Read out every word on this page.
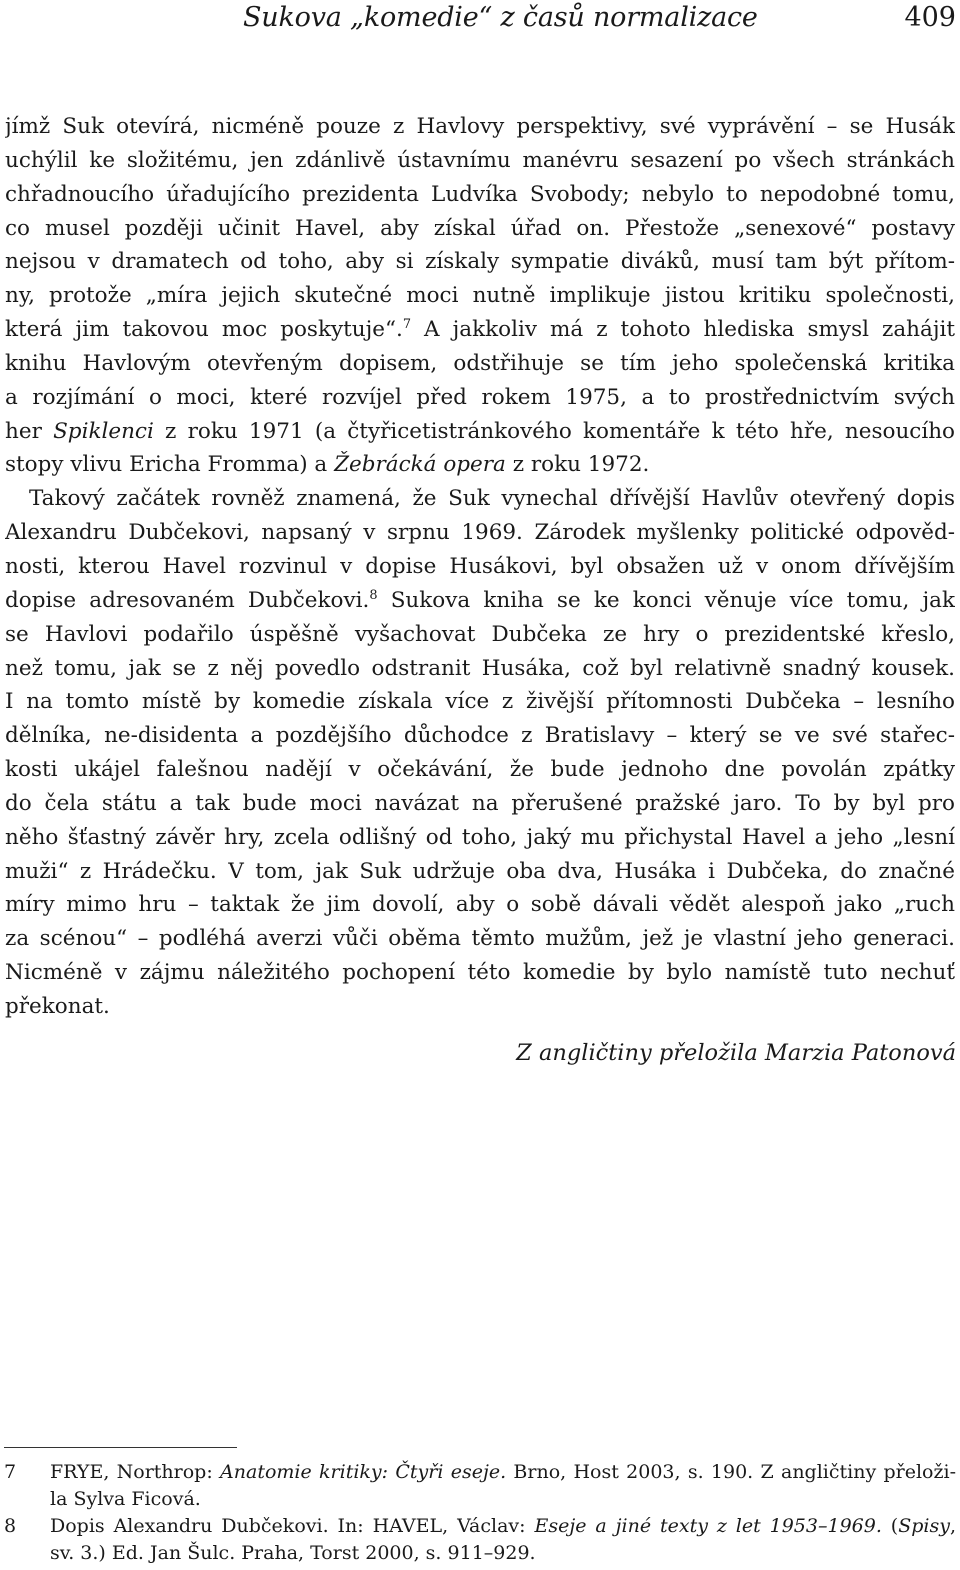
Sukova „komedie“ z časů normalizace	409
jímž Suk otevírá, nicméně pouze z Havlovy perspektivy, své vyprávění – se Husák
uchýlil ke složitému, jen zdánlivě ústavnímu manévru sesazení po všech stránkách
chřadnoucího úřadujícího prezidenta Ludvíka Svobody; nebylo to nepodobné tomu,
co musel později učinit Havel, aby získal úřad on. Přestože „senexové“ postavy
nejsou v dramatech od toho, aby si získaly sympatie diváků, musí tam být přítom-
ny, protože „míra jejich skutečné moci nutně implikuje jistou kritiku společnosti,
která jim takovou moc poskytuje“.$^7$ A jakkoliv má z tohoto hlediska smysl zahájit
knihu Havlovým otevřeným dopisem, odstřihuje se tím jeho společenská kritika
a rozjímání o moci, které rozvíjel před rokem 1975, a to prostřednictvím svých
her Spiklenci z roku 1971 (a čtyřicetistránkového komentáře k této hře, nesoucího
stopy vlivu Ericha Fromma) a Žebrácká opera z roku 1972.
Takový začátek rovněž znamená, že Suk vynechal dřívější Havlův otevřený dopis
Alexandru Dubčekovi, napsaný v srpnu 1969. Zárodek myšlenky politické odpověd-
nosti, kterou Havel rozvinul v dopise Husákovi, byl obsažen už v onom dřívějším
dopise adresovaném Dubčekovi.$^8$ Sukova kniha se ke konci věnuje více tomu, jak
se Havlovi podařilo úspěšně vyšachovat Dubčeka ze hry o prezidentské křeslo,
než tomu, jak se z něj povedlo odstranit Husáka, což byl relativně snadný kousek.
I na tomto místě by komedie získala více z živější přítomnosti Dubčeka – lesního
dělníka, ne-disidenta a pozdějšího důchodce z Bratislavy – který se ve své stařec-
kosti ukájel falešnou nadějí v očekávání, že bude jednoho dne povolán zpátky
do čela státu a tak bude moci navázat na přerušené pražské jaro. To by byl pro
něho šťastný závěr hry, zcela odlišný od toho, jaký mu přichystal Havel a jeho „lesní
muži“ z Hrádečku. V tom, jak Suk udržuje oba dva, Husáka i Dubčeka, do značné
míry mimo hru – taktak že jim dovolí, aby o sobě dávali vědět alespoň jako „ruch
za scénou“ – podléhá averzi vůči oběma těmto mužům, jež je vlastní jeho generaci.
Nicméně v zájmu náležitého pochopení této komedie by bylo namístě tuto nechuť
překonat.
Z angličtiny přeložila Marzia Patonová
7 FRYE, Northrop: Anatomie kritiky: Čtyři eseje. Brno, Host 2003, s. 190. Z angličtiny přeloži-
la Sylva Ficová.
8 Dopis Alexandru Dubčekovi. In: HAVEL, Václav: Eseje a jiné texty z let 1953–1969. (Spisy,
sv. 3.) Ed. Jan Šulc. Praha, Torst 2000, s. 911–929.
